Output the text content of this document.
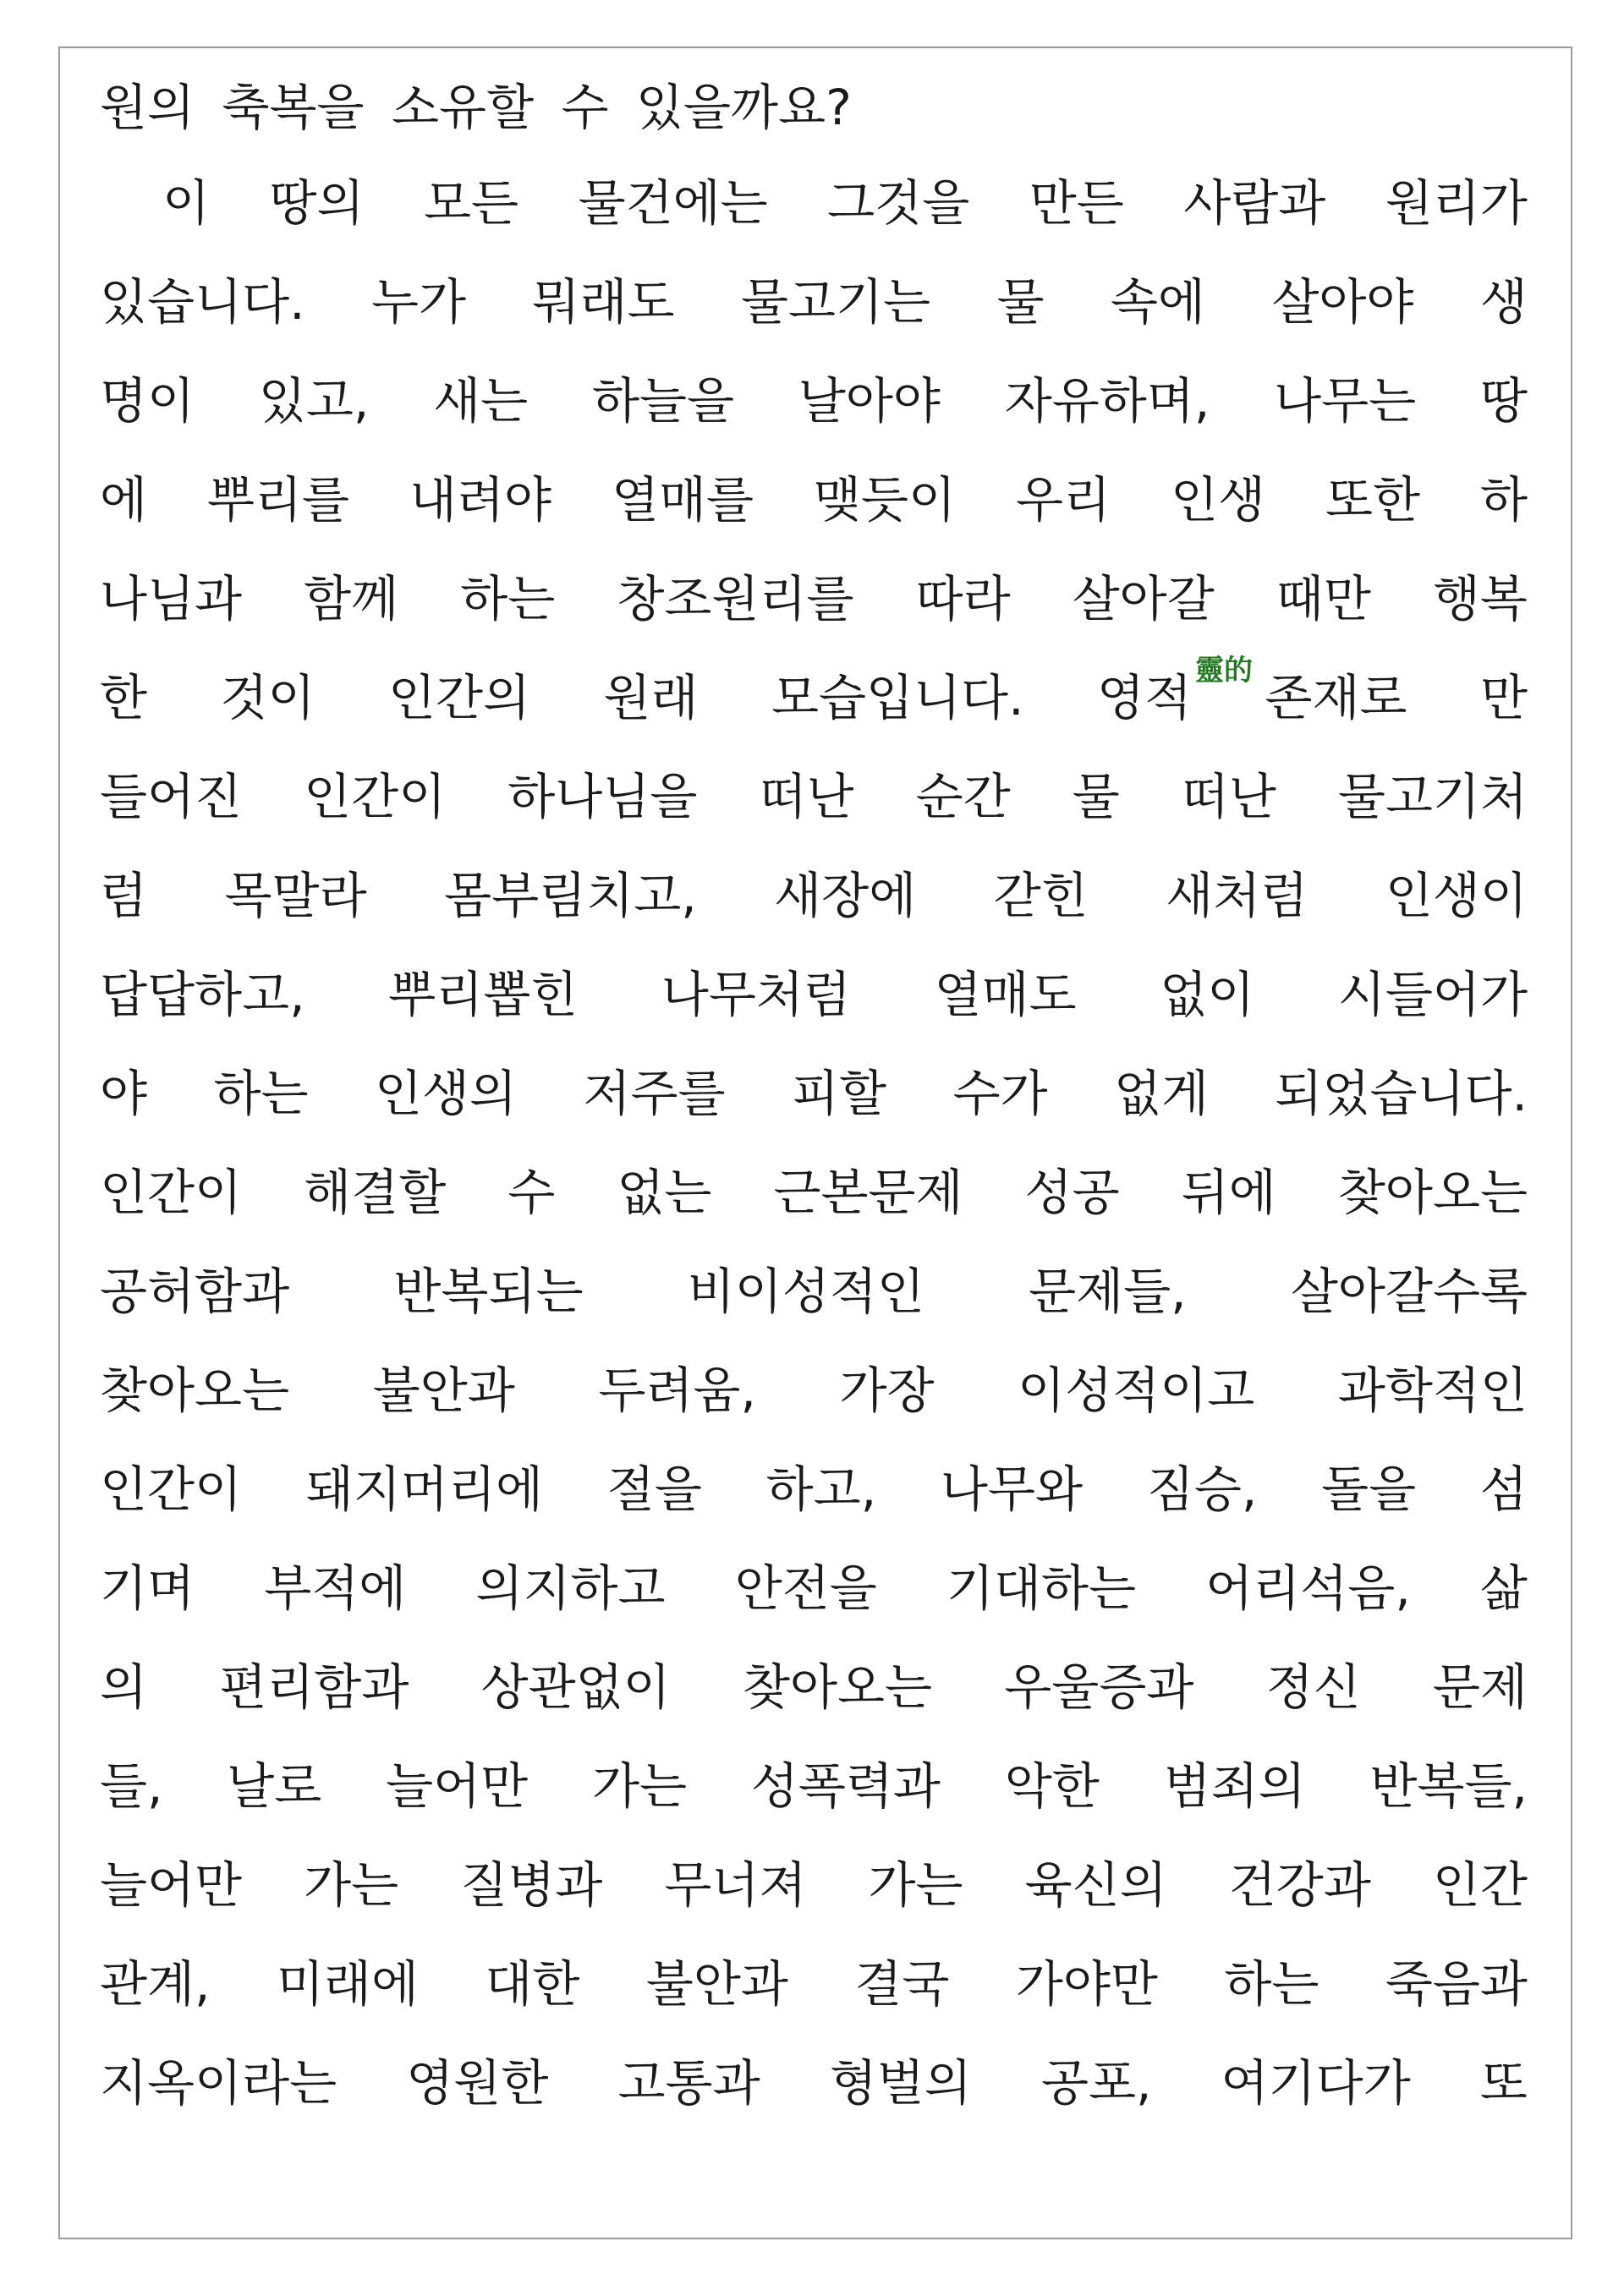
원의 축복을 소유할 수 있을까요?
이 땅의 모든 물건에는 그것을 만든 사람과 원리가
있습니다. 누가 뭐래도 물고기는 물 속에 살아야 생
명이 있고, 새는 하늘을 날아야 자유하며, 나무는 땅
에 뿌리를 내려야 열매를 맺듯이 우리 인생 또한 하
나님과 함께 하는 창조원리를 따라 살아갈 때만 행복
한 것이 인간의 원래 모습입니다. 영적 靈的 존재로 만
들어진 인간이 하나님을 떠난 순간 물 떠난 물고기처
럼 목말라 몸부림치고, 새장에 갇힌 새처럼 인생이
답답하고, 뿌리뽑힌 나무처럼 열매도 없이 시들어가
야 하는 인생의 저주를 피할 수가 없게 되었습니다.
인간이 해결할 수 없는 근본문제 성공 뒤에 찾아오는
공허함과 반복되는 비이성적인 문제들, 살아갈수록
찾아오는 불안과 두려움, 가장 이성적이고 과학적인
인간이 돼지머리에 절을 하고, 나무와 짐승, 돌을 섬
기며 부적에 의지하고 안전을 기대하는 어리석음, 삶
의 편리함과 상관없이 찾아오는 우울증과 정신 문제
들, 날로 늘어만 가는 성폭력과 악한 범죄의 반복들,
늘어만 가는 질병과 무너져 가는 육신의 건강과 인간
관계, 미래에 대한 불안과 결국 가야만 하는 죽음과
지옥이라는 영원한 고통과 형벌의 공포, 여기다가 또
